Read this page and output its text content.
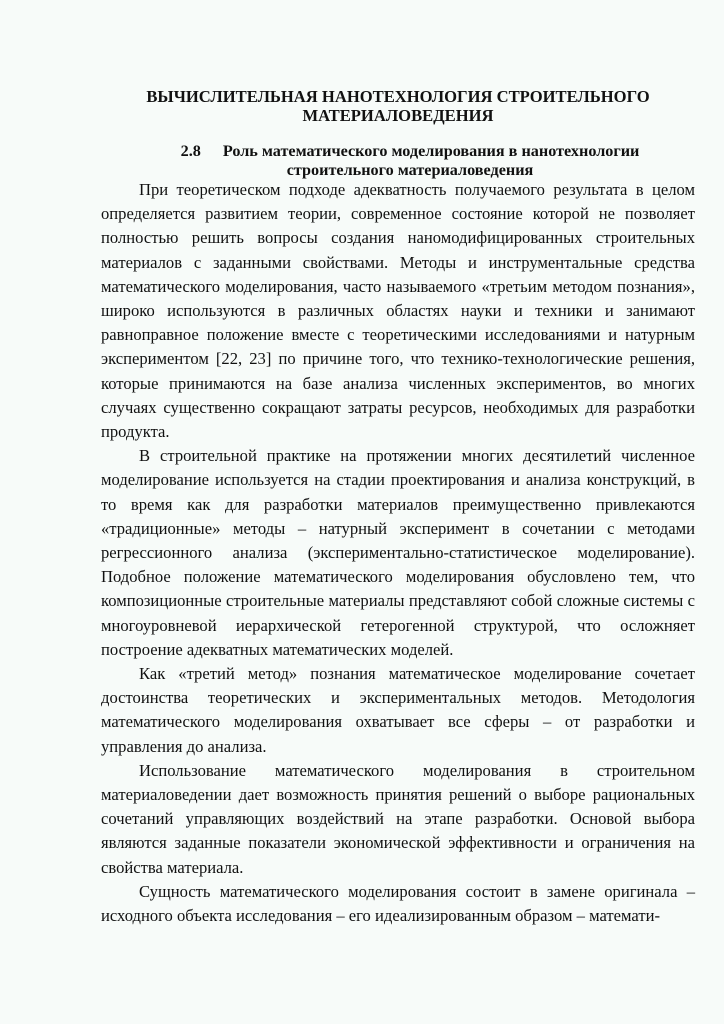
ВЫЧИСЛИТЕЛЬНАЯ НАНОТЕХНОЛОГИЯ СТРОИТЕЛЬНОГО МАТЕРИАЛОВЕДЕНИЯ
2.8 Роль математического моделирования в нанотехнологии строительного материаловедения

При теоретическом подходе адекватность получаемого результата в целом определяется развитием теории, современное состояние которой не позволяет полностью решить вопросы создания наномодифицированных строительных материалов с заданными свойствами. Методы и инструментальные средства математического моделирования, часто называемого «третьим методом познания», широко используются в различных областях науки и техники и занимают равноправное положение вместе с теоретическими исследованиями и натурным экспериментом [22, 23] по причине того, что технико-технологические решения, которые принимаются на базе анализа численных экспериментов, во многих случаях существенно сокращают затраты ресурсов, необходимых для разработки продукта.

В строительной практике на протяжении многих десятилетий численное моделирование используется на стадии проектирования и анализа конструкций, в то время как для разработки материалов преимущественно привлекаются «традиционные» методы – натурный эксперимент в сочетании с методами регрессионного анализа (экспериментально-статистическое моделирование). Подобное положение математического моделирования обусловлено тем, что композиционные строительные материалы представляют собой сложные системы с многоуровневой иерархической гетерогенной структурой, что осложняет построение адекватных математических моделей.

Как «третий метод» познания математическое моделирование сочетает достоинства теоретических и экспериментальных методов. Методология математического моделирования охватывает все сферы – от разработки и управления до анализа.

Использование математического моделирования в строительном материаловедении дает возможность принятия решений о выборе рациональных сочетаний управляющих воздействий на этапе разработки. Основой выбора являются заданные показатели экономической эффективности и ограничения на свойства материала.

Сущность математического моделирования состоит в замене оригинала – исходного объекта исследования – его идеализированным образом – математи-
